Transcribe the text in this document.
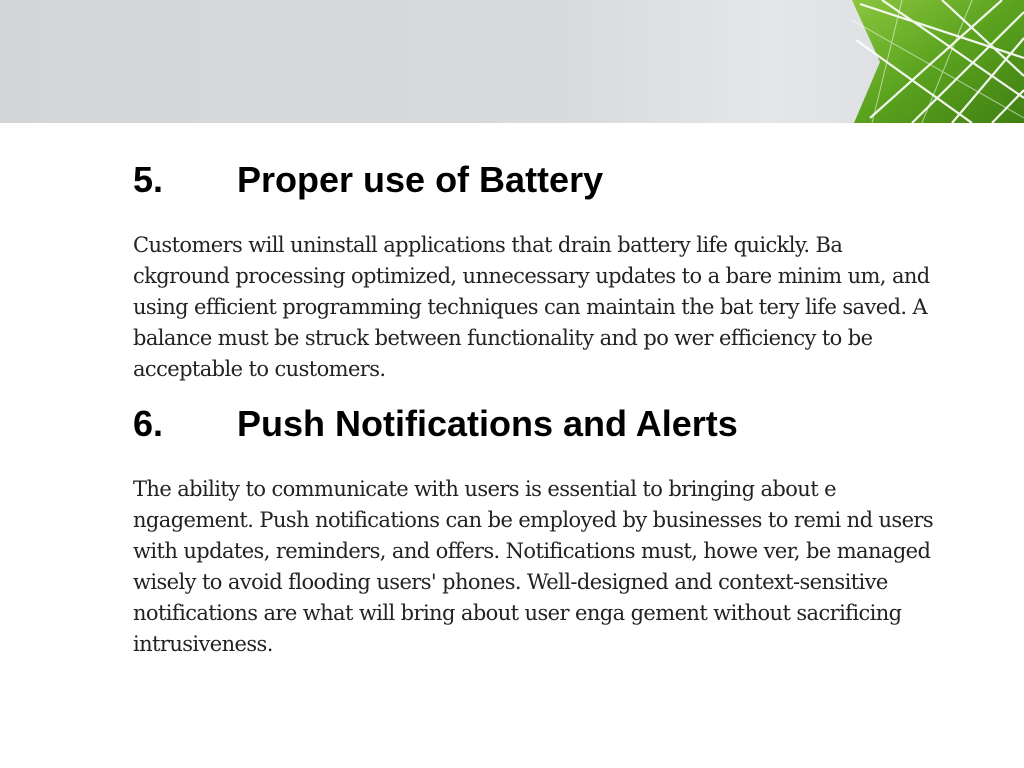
5. Proper use of Battery

Customers will uninstall applications that drain battery life quickly. Ba ckground processing optimized, unnecessary updates to a bare minim um, and using efficient programming techniques can maintain the bat tery life saved. A balance must be struck between functionality and po wer efficiency to be acceptable to customers.

6. Push Notifications and Alerts

The ability to communicate with users is essential to bringing about e ngagement. Push notifications can be employed by businesses to remi nd users with updates, reminders, and offers. Notifications must, howe ver, be managed wisely to avoid flooding users' phones. Well-designed and context-sensitive notifications are what will bring about user enga gement without sacrificing intrusiveness.
